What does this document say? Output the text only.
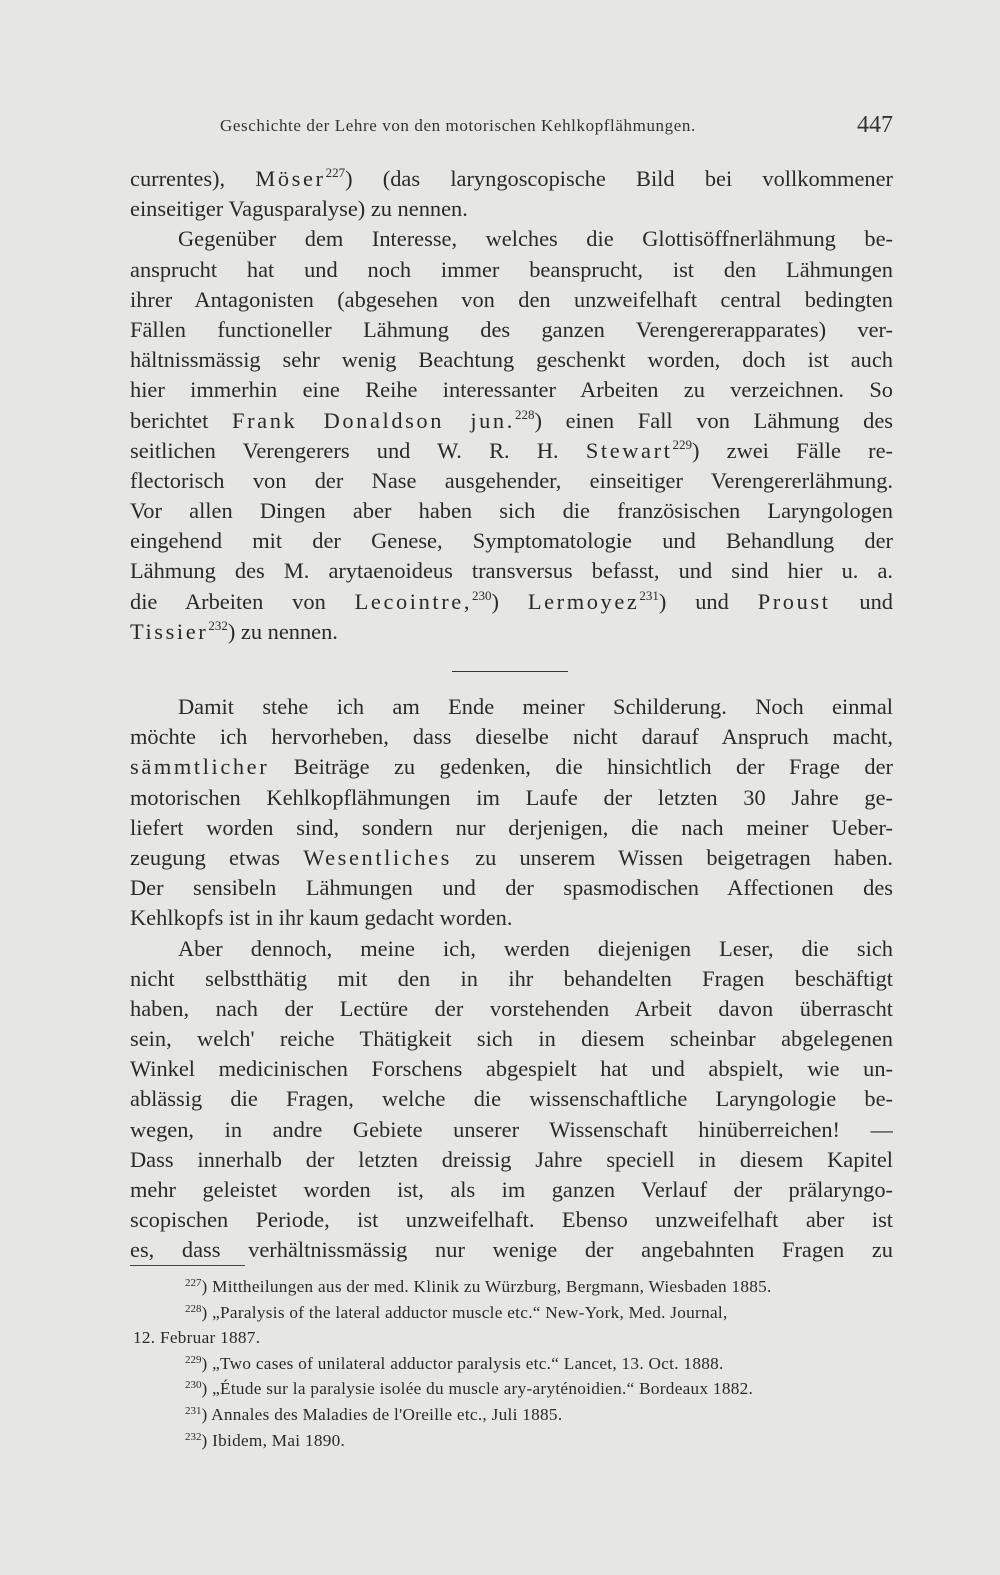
Geschichte der Lehre von den motorischen Kehlkopflähmungen.	447
currentes), Möser$^{227}$) (das laryngoscopische Bild bei vollkommener
einseitiger Vagusparalyse) zu nennen.
Gegenüber dem Interesse, welches die Glottisöffnerlähmung be-
ansprucht hat und noch immer beansprucht, ist den Lähmungen
ihrer Antagonisten (abgesehen von den unzweifelhaft central bedingten
Fällen functioneller Lähmung des ganzen Verengererapparates) ver-
hältnissmässig sehr wenig Beachtung geschenkt worden, doch ist auch
hier immerhin eine Reihe interessanter Arbeiten zu verzeichnen. So
berichtet Frank Donaldson jun.$^{228}$) einen Fall von Lähmung des
seitlichen Verengerers und W. R. H. Stewart$^{229}$) zwei Fälle re-
flectorisch von der Nase ausgehender, einseitiger Verengererlähmung.
Vor allen Dingen aber haben sich die französischen Laryngologen
eingehend mit der Genese, Symptomatologie und Behandlung der
Lähmung des M. arytaenoideus transversus befasst, und sind hier u. a.
die Arbeiten von Lecointre,$^{230}$) Lermoyez$^{231}$) und Proust und
Tissier$^{232}$) zu nennen.
Damit stehe ich am Ende meiner Schilderung. Noch einmal
möchte ich hervorheben, dass dieselbe nicht darauf Anspruch macht,
sämmtlicher Beiträge zu gedenken, die hinsichtlich der Frage der
motorischen Kehlkopflähmungen im Laufe der letzten 30 Jahre ge-
liefert worden sind, sondern nur derjenigen, die nach meiner Ueber-
zeugung etwas Wesentliches zu unserem Wissen beigetragen haben.
Der sensibeln Lähmungen und der spasmodischen Affectionen des
Kehlkopfs ist in ihr kaum gedacht worden.
Aber dennoch, meine ich, werden diejenigen Leser, die sich
nicht selbstthätig mit den in ihr behandelten Fragen beschäftigt
haben, nach der Lectüre der vorstehenden Arbeit davon überrascht
sein, welch' reiche Thätigkeit sich in diesem scheinbar abgelegenen
Winkel medicinischen Forschens abgespielt hat und abspielt, wie un-
ablässig die Fragen, welche die wissenschaftliche Laryngologie be-
wegen, in andre Gebiete unserer Wissenschaft hinüberreichen! —
Dass innerhalb der letzten dreissig Jahre speciell in diesem Kapitel
mehr geleistet worden ist, als im ganzen Verlauf der prälaryngo-
scopischen Periode, ist unzweifelhaft. Ebenso unzweifelhaft aber ist
es, dass verhältnissmässig nur wenige der angebahnten Fragen zu
$^{227}$) Mittheilungen aus der med. Klinik zu Würzburg, Bergmann, Wiesbaden 1885.
$^{228}$) „Paralysis of the lateral adductor muscle etc.“ New-York, Med. Journal,
12. Februar 1887.
$^{229}$) „Two cases of unilateral adductor paralysis etc.“ Lancet, 13. Oct. 1888.
$^{230}$) „Étude sur la paralysie isolée du muscle ary-aryténoidien.“ Bordeaux 1882.
$^{231}$) Annales des Maladies de l'Oreille etc., Juli 1885.
$^{232}$) Ibidem, Mai 1890.
